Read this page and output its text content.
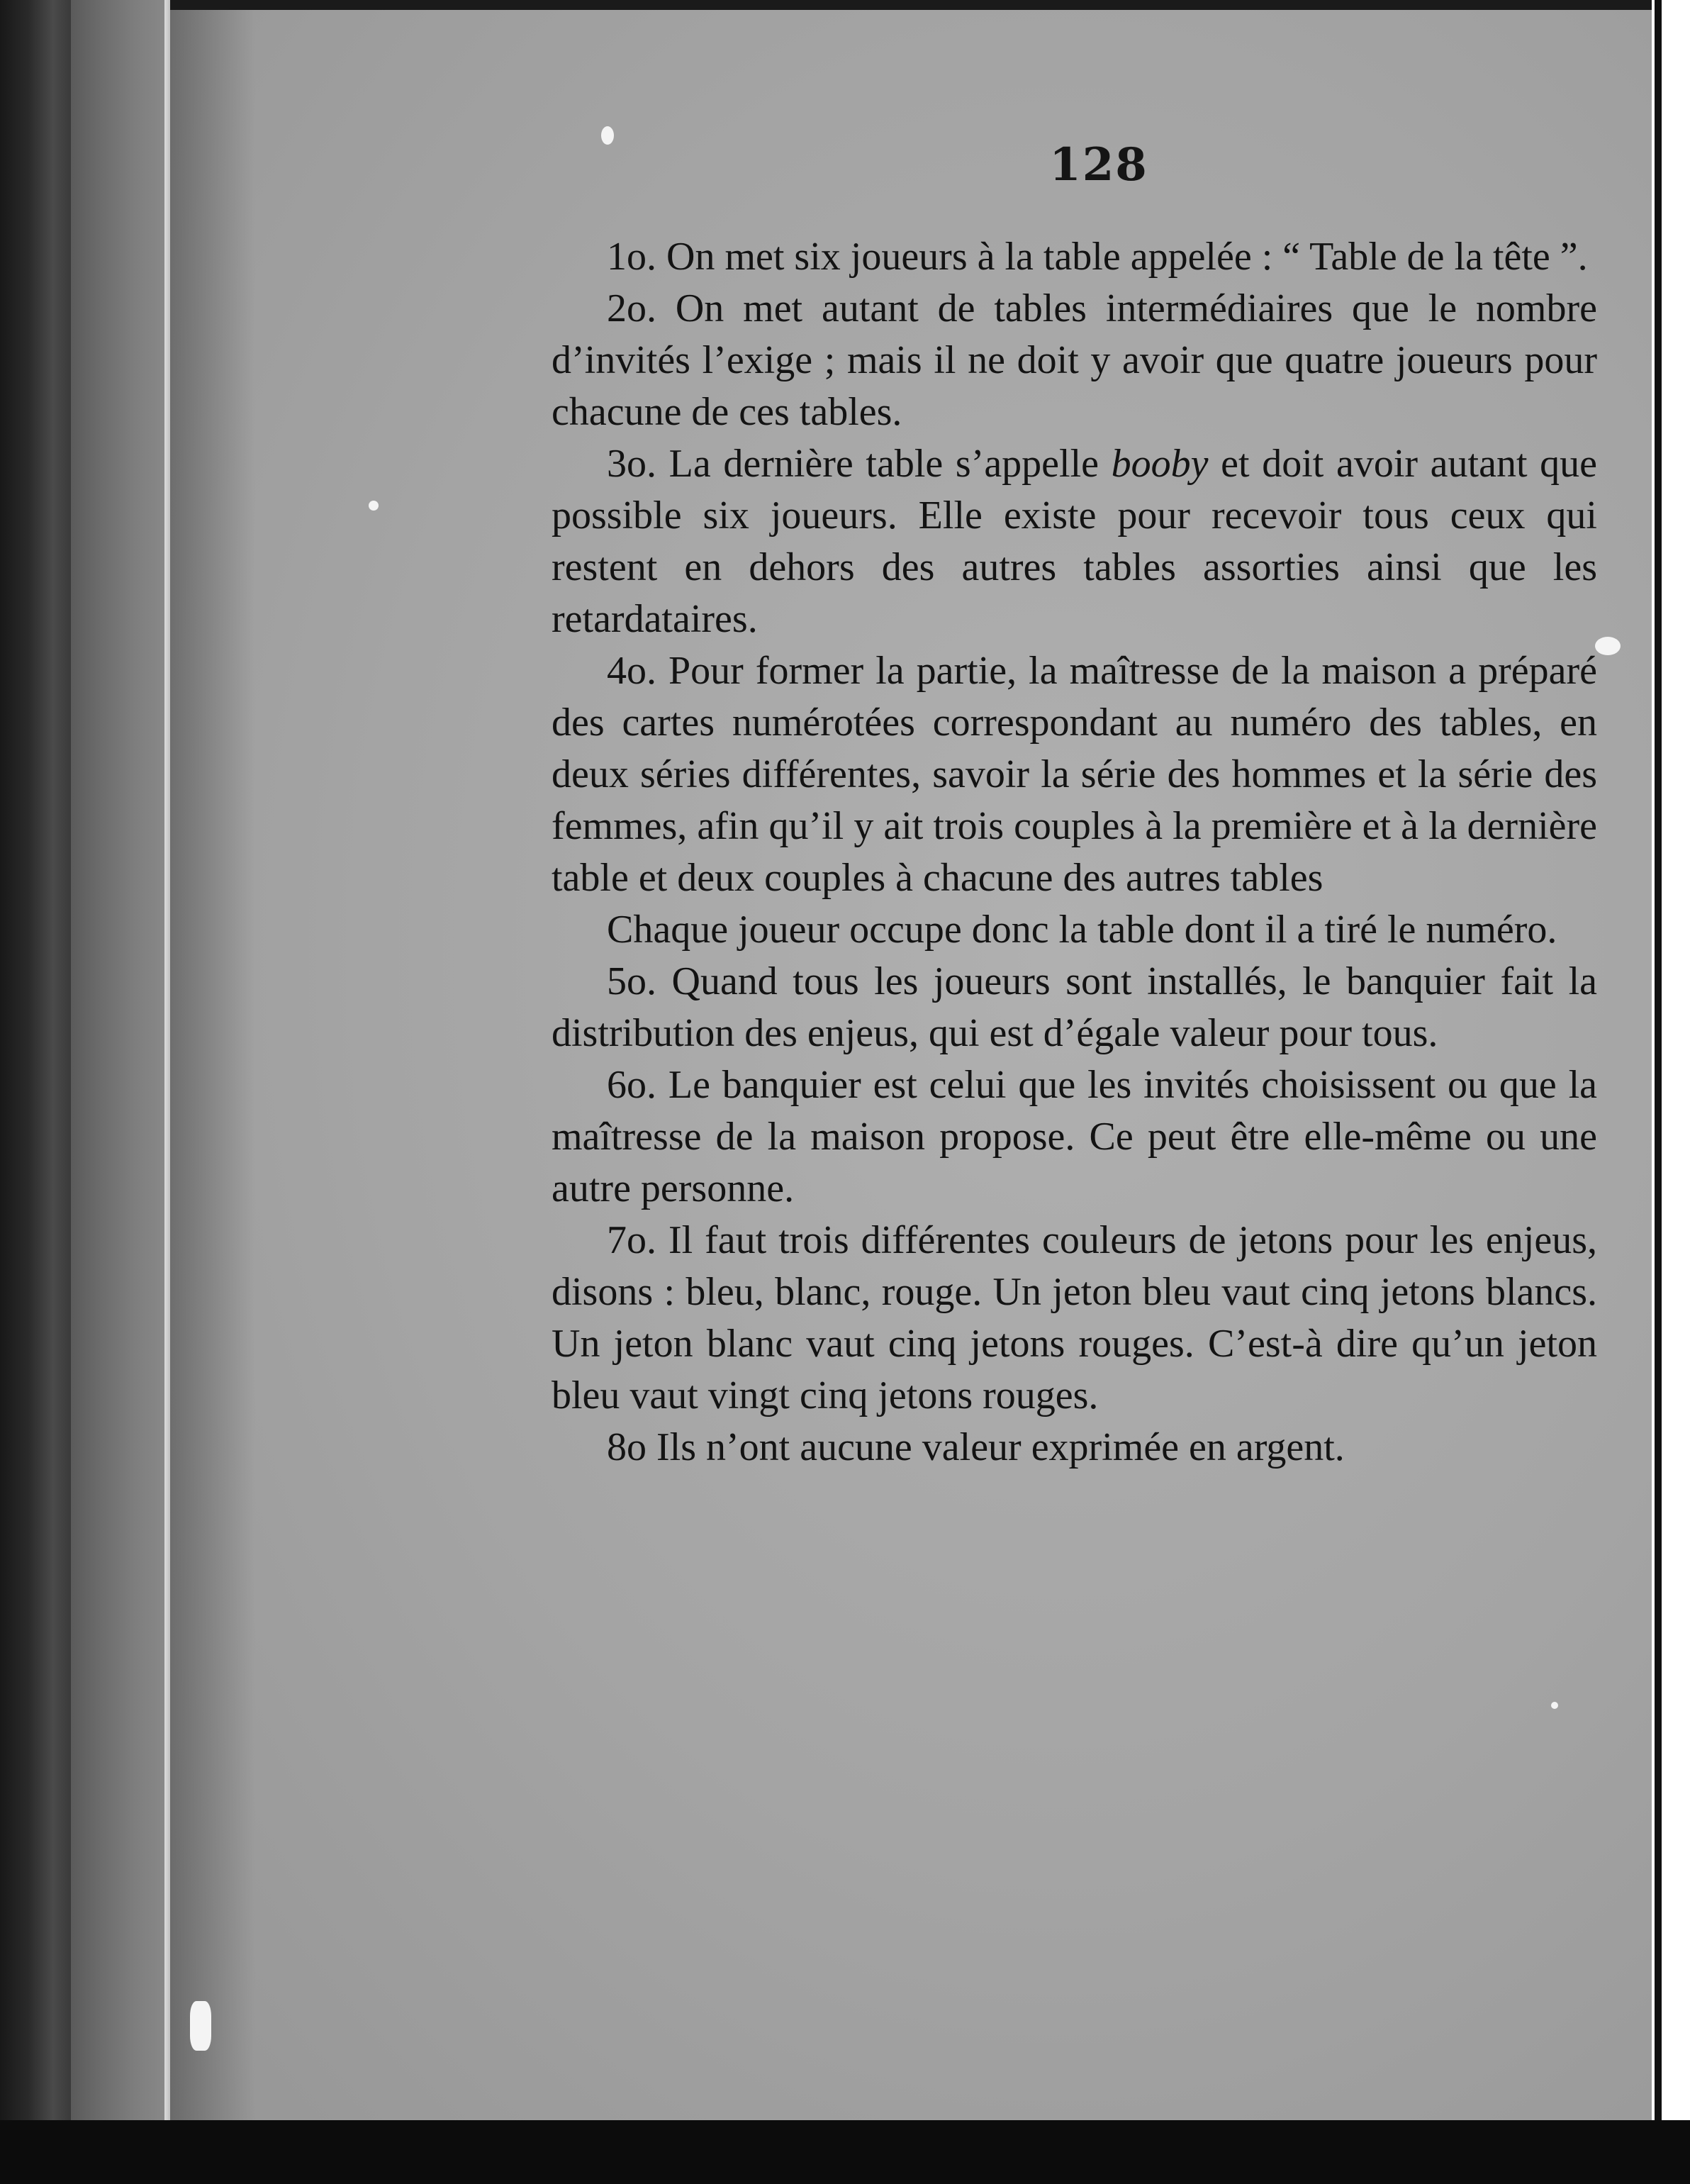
128

1o. On met six joueurs à la table appelée : “ Table de la tête ”.

2o. On met autant de tables intermédiaires que le nombre d’invités l’exige ; mais il ne doit y avoir que quatre joueurs pour chacune de ces tables.

3o. La dernière table s’appelle booby et doit avoir autant que possible six joueurs. Elle existe pour recevoir tous ceux qui restent en dehors des autres tables assorties ainsi que les retardataires.

4o. Pour former la partie, la maîtresse de la maison a préparé des cartes numérotées correspondant au numéro des tables, en deux séries différentes, savoir la série des hommes et la série des femmes, afin qu’il y ait trois couples à la première et à la dernière table et deux couples à chacune des autres tables

Chaque joueur occupe donc la table dont il a tiré le numéro.

5o. Quand tous les joueurs sont installés, le banquier fait la distribution des enjeus, qui est d’égale valeur pour tous.

6o. Le banquier est celui que les invités choisissent ou que la maîtresse de la maison propose. Ce peut être elle-même ou une autre personne.

7o. Il faut trois différentes couleurs de jetons pour les enjeus, disons : bleu, blanc, rouge. Un jeton bleu vaut cinq jetons blancs. Un jeton blanc vaut cinq jetons rouges. C’est-à dire qu’un jeton bleu vaut vingt cinq jetons rouges.

8o Ils n’ont aucune valeur exprimée en argent.
